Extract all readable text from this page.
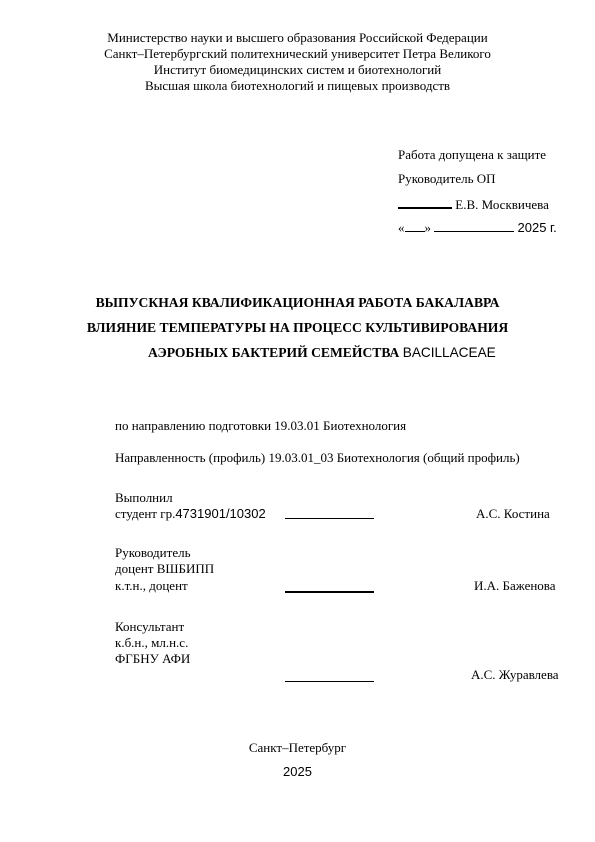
Министерство науки и высшего образования Российской Федерации
Санкт–Петербургский политехнический университет Петра Великого
Институт биомедицинских систем и биотехнологий
Высшая школа биотехнологий и пищевых производств
Работа допущена к защите
Руководитель ОП
Е.В. Москвичева
« »	2025 г.
ВЫПУСКНАЯ КВАЛИФИКАЦИОННАЯ РАБОТА БАКАЛАВРА
ВЛИЯНИЕ ТЕМПЕРАТУРЫ НА ПРОЦЕСС КУЛЬТИВИРОВАНИЯ
АЭРОБНЫХ БАКТЕРИЙ СЕМЕЙСТВА BACILLACEAE
по направлению подготовки 19.03.01 Биотехнология
Направленность (профиль) 19.03.01_03 Биотехнология (общий профиль)
Выполнил
студент гр.4731901/10302	А.С. Костина
Руководитель
доцент ВШБИПП
к.т.н., доцент	И.А. Баженова
Консультант
к.б.н., мл.н.с.
ФГБНУ АФИ
А.С. Журавлева
Санкт–Петербург
2025
